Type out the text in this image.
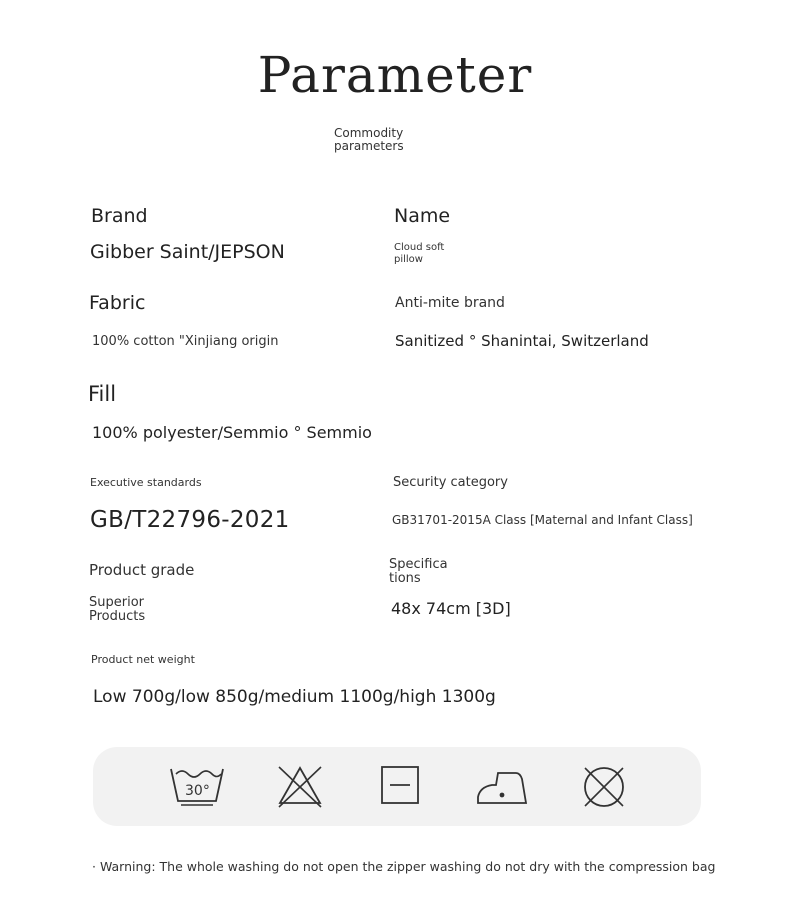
Parameter
Commodity parameters
Brand
Gibber Saint/JEPSON
Name
Cloud soft pillow
Fabric
100% cotton "Xinjiang origin
Anti-mite brand
Sanitized ° Shanintai, Switzerland
Fill
100% polyester/Semmio ° Semmio
Executive standards
GB/T22796-2021
Security category
GB31701-2015A Class [Maternal and Infant Class]
Product grade
Superior Products
Specifica tions
48x 74cm [3D]
Product net weight
Low 700g/low 850g/medium 1100g/high 1300g
30°
· Warning: The whole washing do not open the zipper washing do not dry with the compression bag
